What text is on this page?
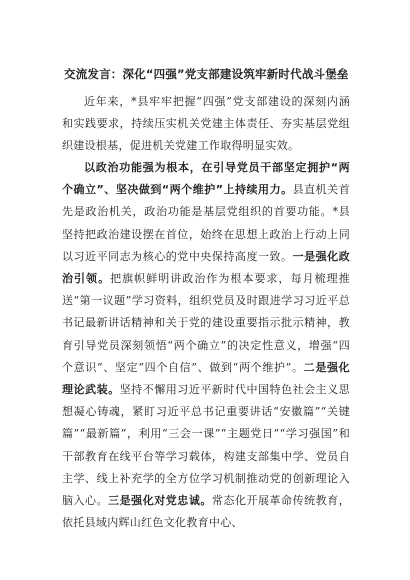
交流发言：深化“四强”党支部建设筑牢新时代战斗堡垒
近年来，*县牢牢把握“四强”党支部建设的深刻内涵和实践要求，持续压实机关党建主体责任、夯实基层党组织建设根基，促进机关党建工作取得明显实效。
以政治功能强为根本，在引导党员干部坚定拥护“两个确立”、坚决做到“两个维护”上持续用力。县直机关首先是政治机关，政治功能是基层党组织的首要功能。*县坚持把政治建设摆在首位，始终在思想上政治上行动上同以习近平同志为核心的党中央保持高度一致。一是强化政治引领。把旗帜鲜明讲政治作为根本要求，每月梳理推送“第一议题”学习资料，组织党员及时跟进学习习近平总书记最新讲话精神和关于党的建设重要指示批示精神，教育引导党员深刻领悟“两个确立”的决定性意义，增强“四个意识”、坚定“四个自信”、做到“两个维护”。二是强化理论武装。坚持不懈用习近平新时代中国特色社会主义思想凝心铸魂，紧盯习近平总书记重要讲话“安徽篇”“关键篇”“最新篇”，利用“三会一课”“主题党日”“学习强国”和干部教育在线平台等学习载体，构建支部集中学、党员自主学、线上补充学的全方位学习机制推动党的创新理论入脑入心。三是强化对党忠诚。常态化开展革命传统教育，依托县域内辉山红色文化教育中心、
